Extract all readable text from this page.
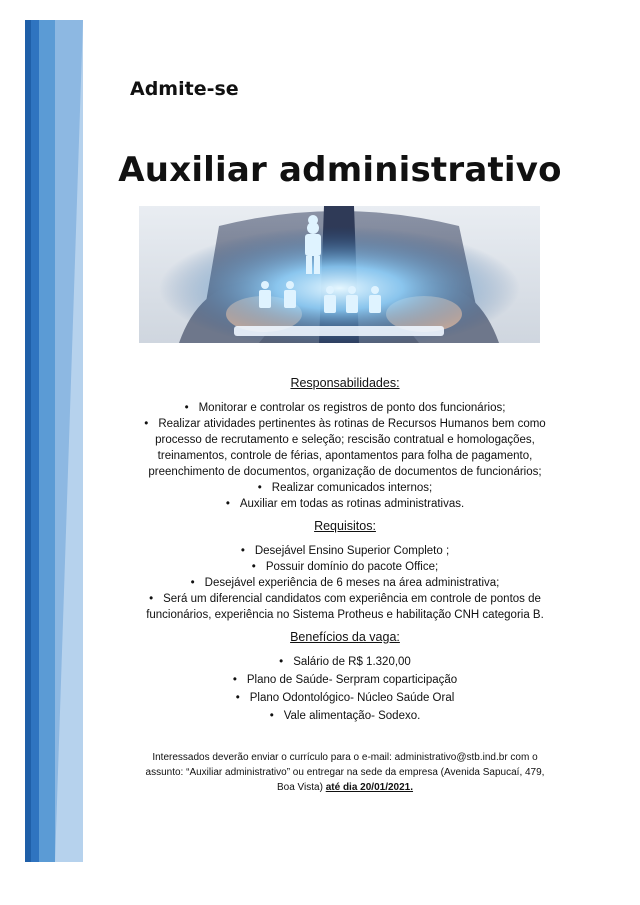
Admite-se
Auxiliar administrativo
Responsabilidades:
• Monitorar e controlar os registros de ponto dos funcionários;
• Realizar atividades pertinentes às rotinas de Recursos Humanos bem como processo de recrutamento e seleção; rescisão contratual e homologações, treinamentos, controle de férias, apontamentos para folha de pagamento, preenchimento de documentos, organização de documentos de funcionários;
• Realizar comunicados internos;
• Auxiliar em todas as rotinas administrativas.
Requisitos:
• Desejável Ensino Superior Completo ;
• Possuir domínio do pacote Office;
• Desejável experiência de 6 meses na área administrativa;
• Será um diferencial candidatos com experiência em controle de pontos de funcionários, experiência no Sistema Protheus e habilitação CNH categoria B.
Benefícios da vaga:
• Salário de R$ 1.320,00
• Plano de Saúde- Serpram coparticipação
• Plano Odontológico- Núcleo Saúde Oral
• Vale alimentação- Sodexo.
Interessados deverão enviar o currículo para o e-mail: administrativo@stb.ind.br com o assunto: “Auxiliar administrativo” ou entregar na sede da empresa (Avenida Sapucaí, 479, Boa Vista) até dia 20/01/2021.
